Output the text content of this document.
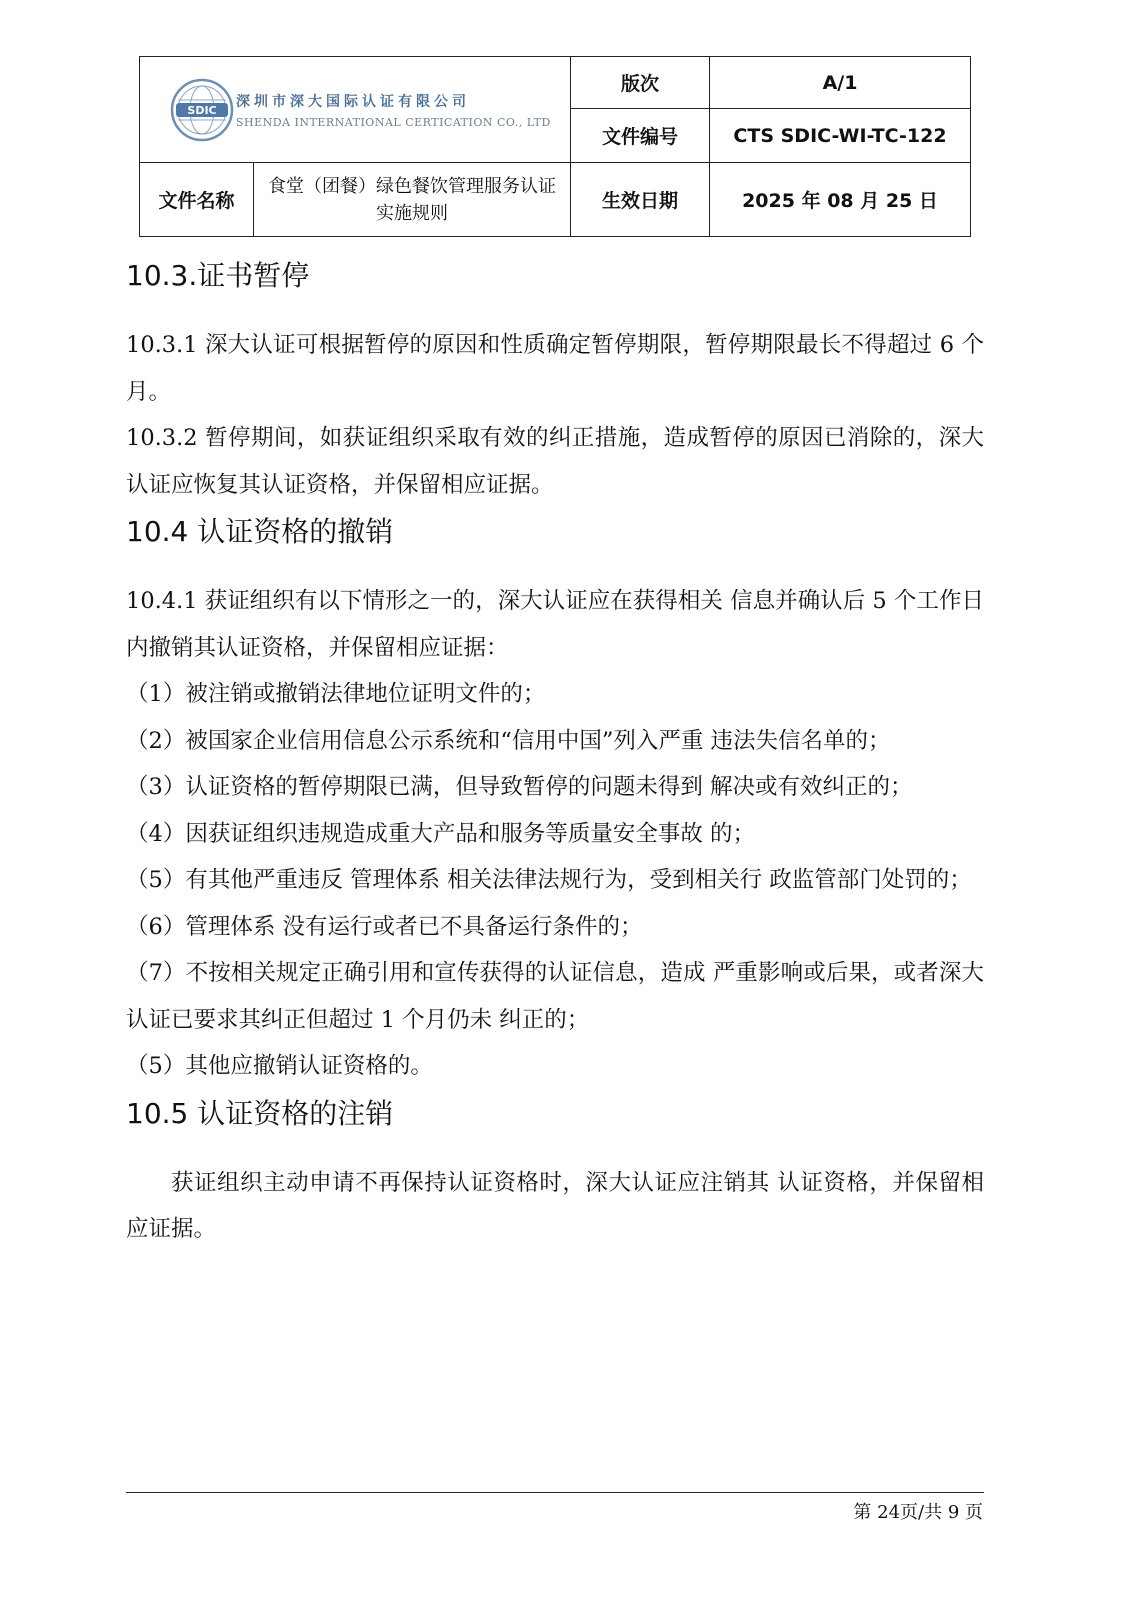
SDIC
深圳市深大国际认证有限公司
SHENDA INTERNATIONAL CERTICATION CO., LTD		版次	A/1
		文件编号	CTS SDIC-WI-TC-122
文件名称	食堂（团餐）绿色餐饮管理服务认证实施规则	生效日期	2025 年 08 月 25 日
10.3.证书暂停

10.3.1 深大认证可根据暂停的原因和性质确定暂停期限，暂停期限最长不得超过 6 个月。

10.3.2 暂停期间，如获证组织采取有效的纠正措施，造成暂停的原因已消除的，深大认证应恢复其认证资格，并保留相应证据。

10.4 认证资格的撤销

10.4.1 获证组织有以下情形之一的，深大认证应在获得相关 信息并确认后 5 个工作日内撤销其认证资格，并保留相应证据：

（1）被注销或撤销法律地位证明文件的；

（2）被国家企业信用信息公示系统和“信用中国”列入严重 违法失信名单的；

（3）认证资格的暂停期限已满，但导致暂停的问题未得到 解决或有效纠正的；

（4）因获证组织违规造成重大产品和服务等质量安全事故 的；

（5）有其他严重违反 管理体系 相关法律法规行为，受到相关行 政监管部门处罚的；

（6）管理体系 没有运行或者已不具备运行条件的；

（7）不按相关规定正确引用和宣传获得的认证信息，造成 严重影响或后果，或者深大认证已要求其纠正但超过 1 个月仍未 纠正的；

（5）其他应撤销认证资格的。

10.5 认证资格的注销

获证组织主动申请不再保持认证资格时，深大认证应注销其 认证资格，并保留相应证据。

第 24页/共 9 页
